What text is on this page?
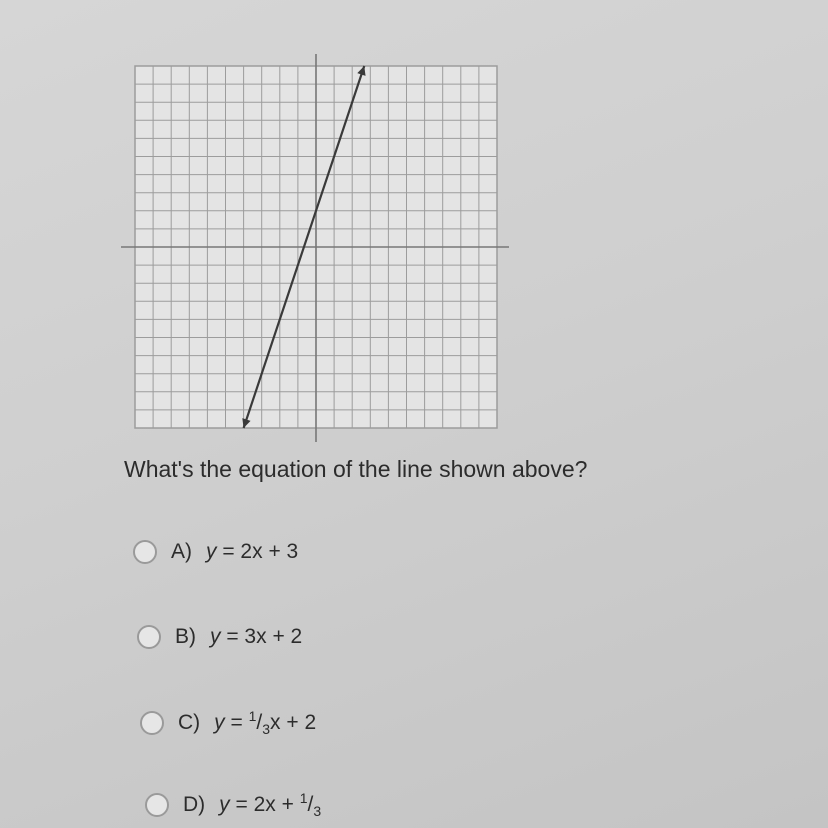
What's the equation of the line shown above?
A) y = 2x + 3
B) y = 3x + 2
C) $y = ^1/_3x + 2$
D) $y = 2x + ^1/_3$
